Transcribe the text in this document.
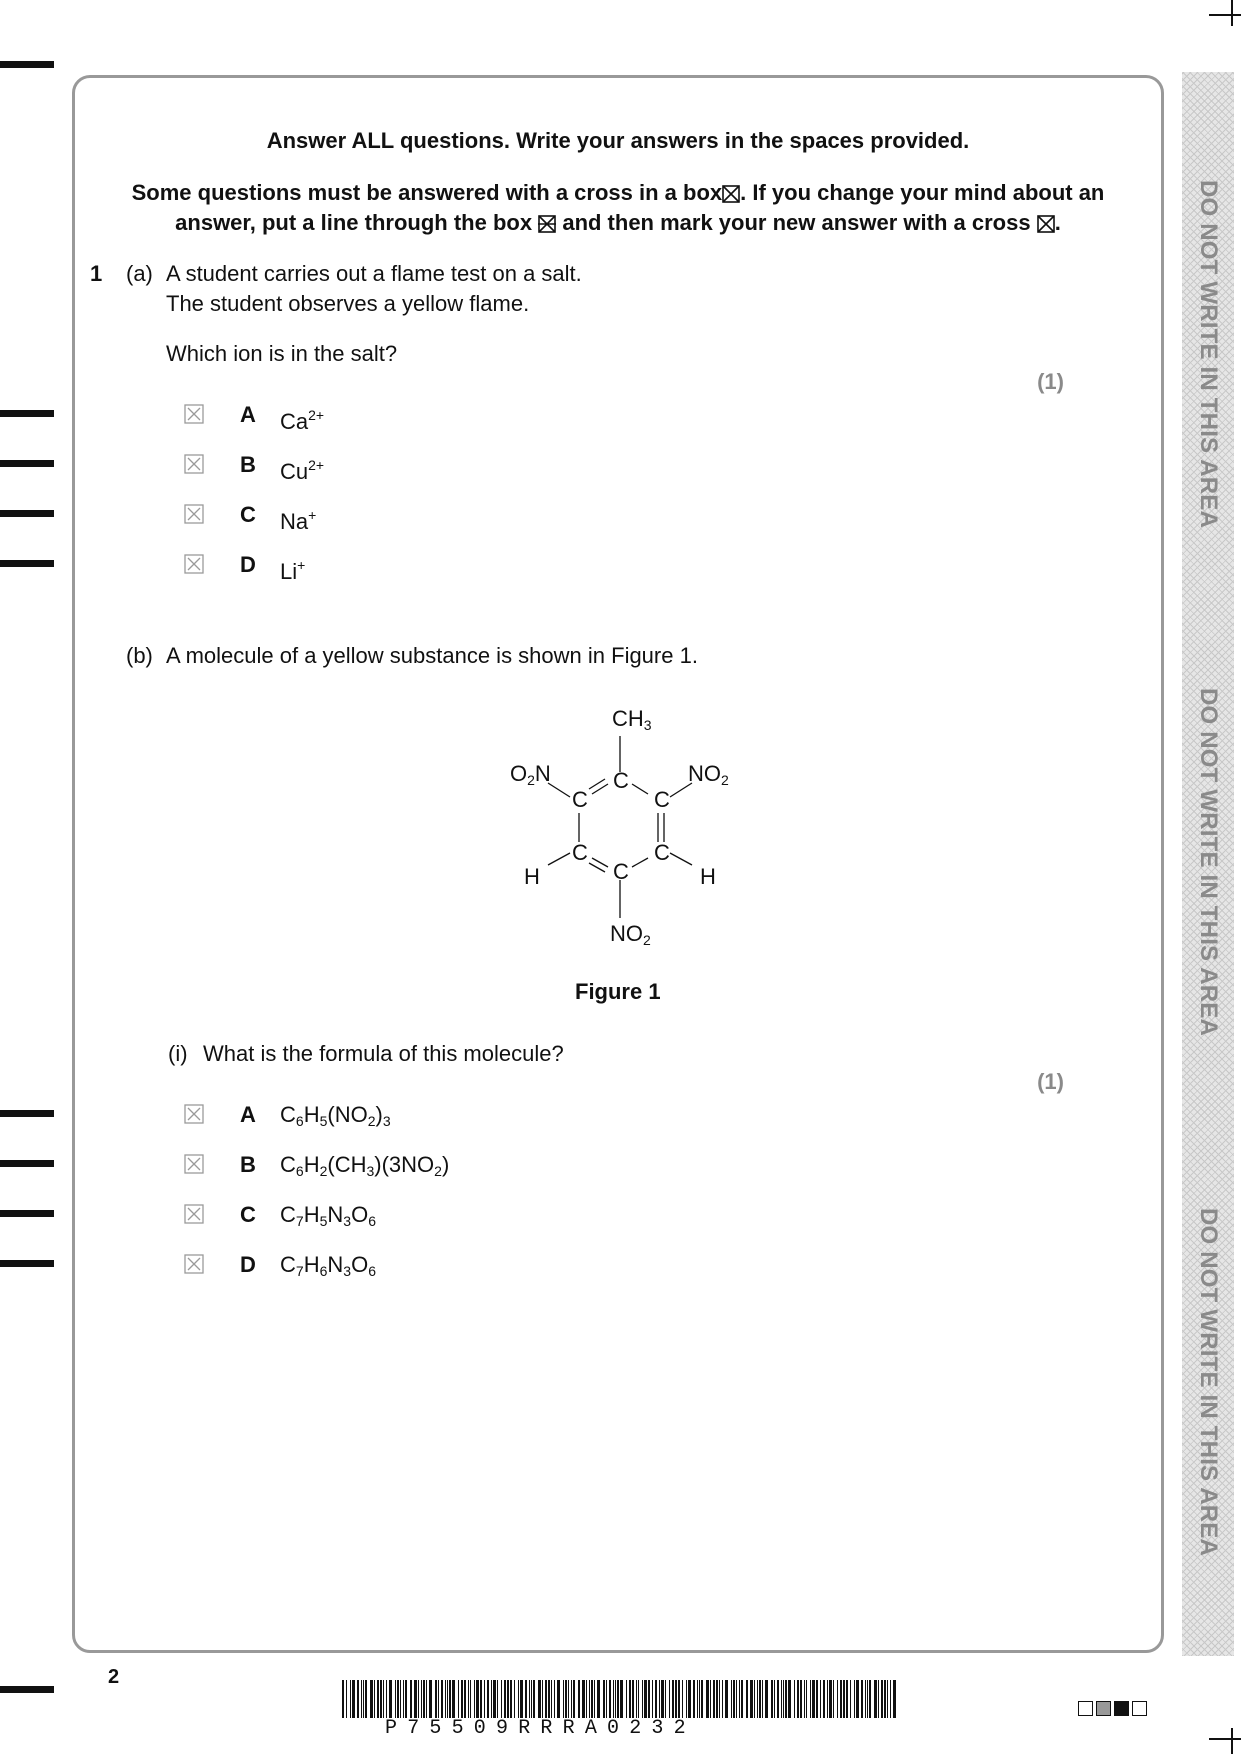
DO NOT WRITE IN THIS AREA
DO NOT WRITE IN THIS AREA
DO NOT WRITE IN THIS AREA
Answer ALL questions. Write your answers in the spaces provided.
Some questions must be answered with a cross in a box☒. If you change your mind about an
answer, put a line through the box and then mark your new answer with a cross ☒.
1 (a) A student carries out a flame test on a salt.
The student observes a yellow flame.
Which ion is in the salt?
(1)
A $Ca^{2+}$
B $Cu^{2+}$
C Na+
D Li+
(b) A molecule of a yellow substance is shown in Figure 1.
$CH_3$
$O_2N$	$NO_2$
$NO_2$
C
C	C
C	C
C
H	H
Figure 1
(i) What is the formula of this molecule?
(1)
A $C_6H_5(NO_2)_3$
B $C_6H_2(CH_3)(3NO_2)$
C $C_7H_5N_3O_6$
D $C_7H_6N_3O_6$
2
P75509RRRA0232
